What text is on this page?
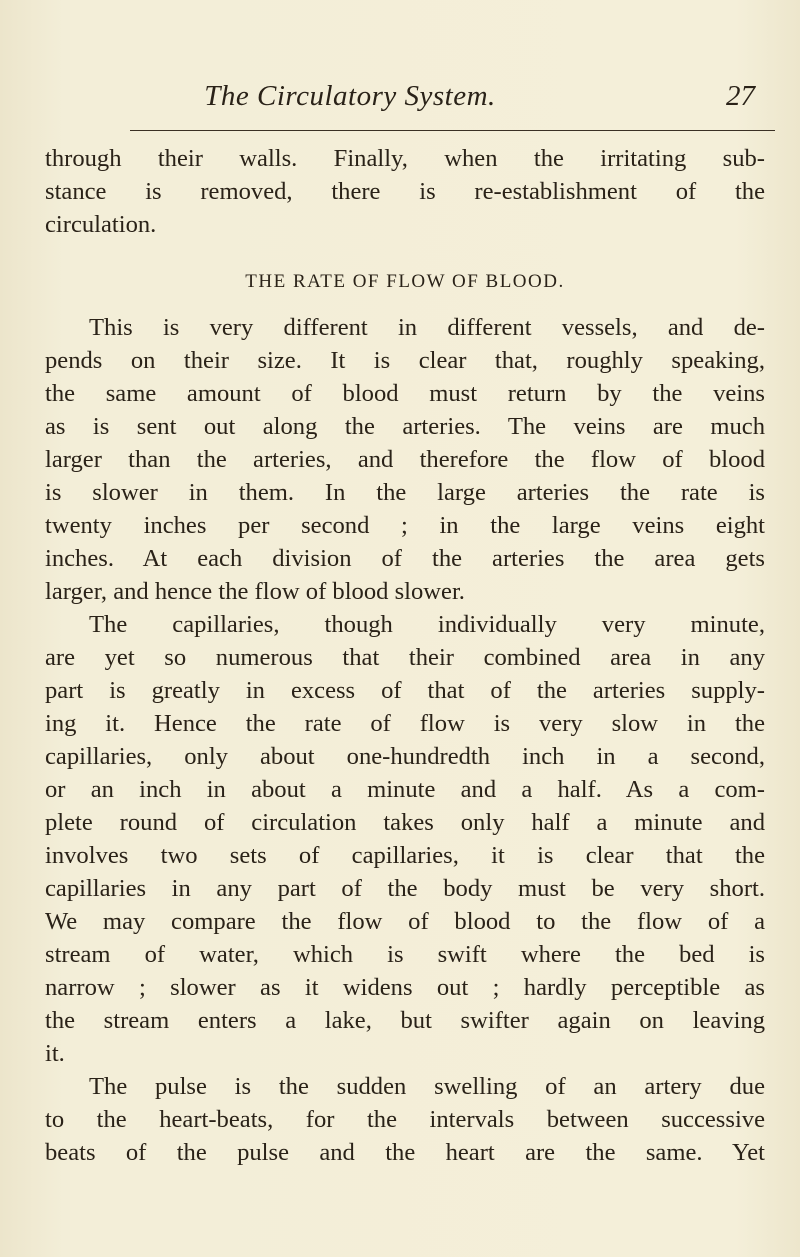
The Circulatory System.	27
through their walls. Finally, when the irritating sub-
stance is removed, there is re-establishment of the
circulation.
THE RATE OF FLOW OF BLOOD.
This is very different in different vessels, and de-
pends on their size. It is clear that, roughly speaking,
the same amount of blood must return by the veins
as is sent out along the arteries. The veins are much
larger than the arteries, and therefore the flow of blood
is slower in them. In the large arteries the rate is
twenty inches per second ; in the large veins eight
inches. At each division of the arteries the area gets
larger, and hence the flow of blood slower.
The capillaries, though individually very minute,
are yet so numerous that their combined area in any
part is greatly in excess of that of the arteries supply-
ing it. Hence the rate of flow is very slow in the
capillaries, only about one-hundredth inch in a second,
or an inch in about a minute and a half. As a com-
plete round of circulation takes only half a minute and
involves two sets of capillaries, it is clear that the
capillaries in any part of the body must be very short.
We may compare the flow of blood to the flow of a
stream of water, which is swift where the bed is
narrow ; slower as it widens out ; hardly perceptible as
the stream enters a lake, but swifter again on leaving
it.
The pulse is the sudden swelling of an artery due
to the heart-beats, for the intervals between successive
beats of the pulse and the heart are the same. Yet
